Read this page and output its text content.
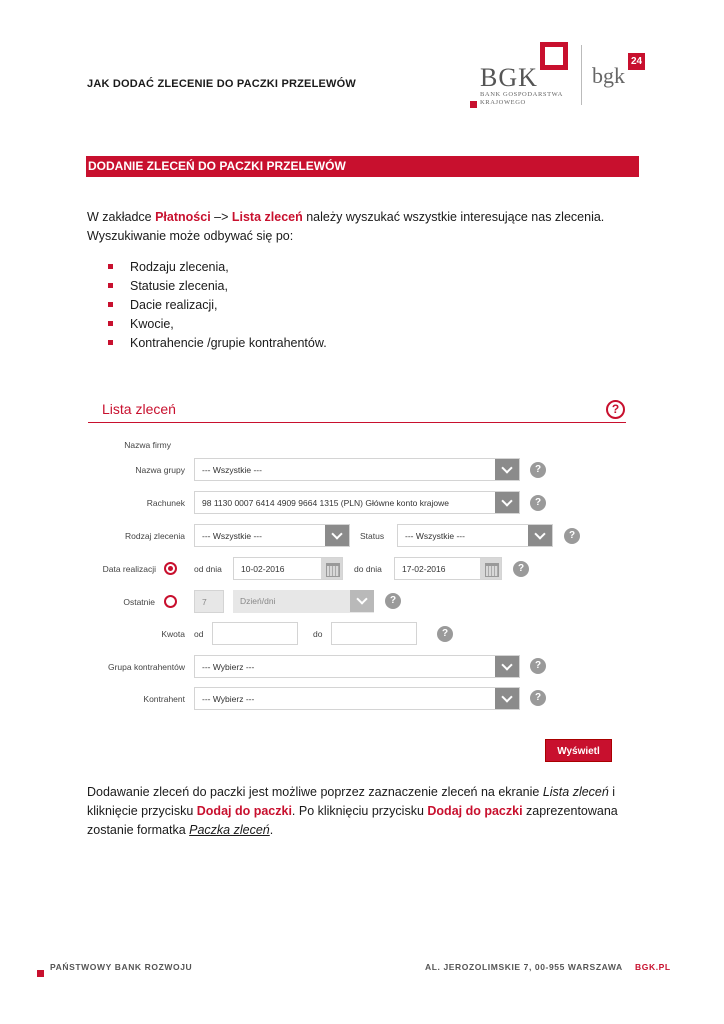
JAK DODAĆ ZLECENIE DO PACZKI PRZELEWÓW	BGK
BANK GOSPODARSTWA
KRAJOWEGO
bgk
24
DODANIE ZLECEŃ DO PACZKI PRZELEWÓW
W zakładce Płatności –> Lista zleceń należy wyszukać wszystkie interesujące nas zlecenia.
Wyszukiwanie może odbywać się po:
Rodzaju zlecenia,
Statusie zlecenia,
Dacie realizacji,
Kwocie,
Kontrahencie /grupie kontrahentów.
Lista zleceń	?
Nazwa firmy
Nazwa grupy	--- Wszystkie ---	?
Rachunek	98 1130 0007 6414 4909 9664 1315 (PLN) Główne konto krajowe	?
Rodzaj zlecenia	--- Wszystkie ---	Status	--- Wszystkie ---	?
Data realizacji	od dnia	10-02-2016	do dnia	17-02-2016	?
Ostatnie	7	Dzień/dni	?
Kwota od	do	?
Grupa kontrahentów	--- Wybierz ---	?
Kontrahent	--- Wybierz ---	?
Wyświetl
Dodawanie zleceń do paczki jest możliwe poprzez zaznaczenie zleceń na ekranie Lista zleceń i kliknięcie przycisku Dodaj do paczki. Po kliknięciu przycisku Dodaj do paczki zaprezentowana zostanie formatka Paczka zleceń.
PAŃSTWOWY BANK ROZWOJU	AL. JEROZOLIMSKIE 7, 00-955 WARSZAWA BGK.PL
